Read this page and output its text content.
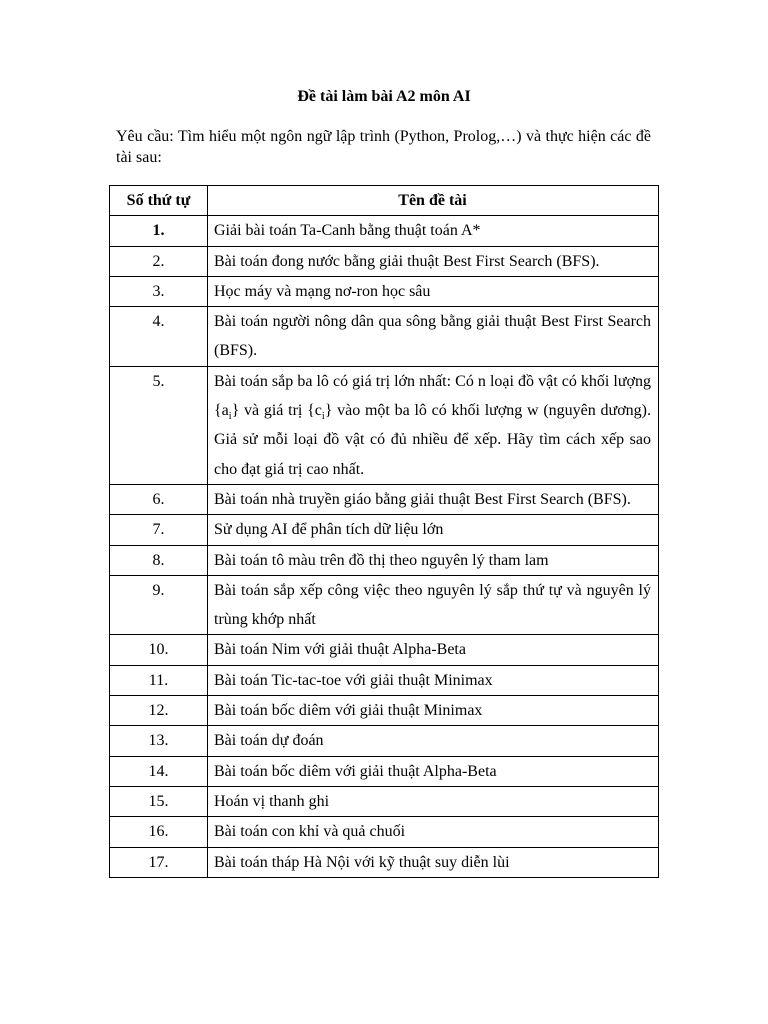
Đề tài làm bài A2 môn AI
Yêu cầu: Tìm hiểu một ngôn ngữ lập trình (Python, Prolog,…) và thực hiện các đề tài sau:
Số thứ tự	Tên đề tài
1.	Giải bài toán Ta-Canh bằng thuật toán A*
2.	Bài toán đong nước bằng giải thuật Best First Search (BFS).
3.	Học máy và mạng nơ-ron học sâu
4.	Bài toán người nông dân qua sông bằng giải thuật Best First Search (BFS).
5.	Bài toán sắp ba lô có giá trị lớn nhất: Có n loại đồ vật có khối lượng $\{a_i\}$ và giá trị $\{c_i\}$ vào một ba lô có khối lượng w (nguyên dương). Giả sử mỗi loại đồ vật có đủ nhiều để xếp. Hãy tìm cách xếp sao cho đạt giá trị cao nhất.
6.	Bài toán nhà truyền giáo bằng giải thuật Best First Search (BFS).
7.	Sử dụng AI để phân tích dữ liệu lớn
8.	Bài toán tô màu trên đồ thị theo nguyên lý tham lam
9.	Bài toán sắp xếp công việc theo nguyên lý sắp thứ tự và nguyên lý trùng khớp nhất
10.	Bài toán Nim với giải thuật Alpha-Beta
11.	Bài toán Tic-tac-toe với giải thuật Minimax
12.	Bài toán bốc diêm với giải thuật Minimax
13.	Bài toán dự đoán
14.	Bài toán bốc diêm với giải thuật Alpha-Beta
15.	Hoán vị thanh ghi
16.	Bài toán con khỉ và quả chuối
17.	Bài toán tháp Hà Nội với kỹ thuật suy diễn lùi
